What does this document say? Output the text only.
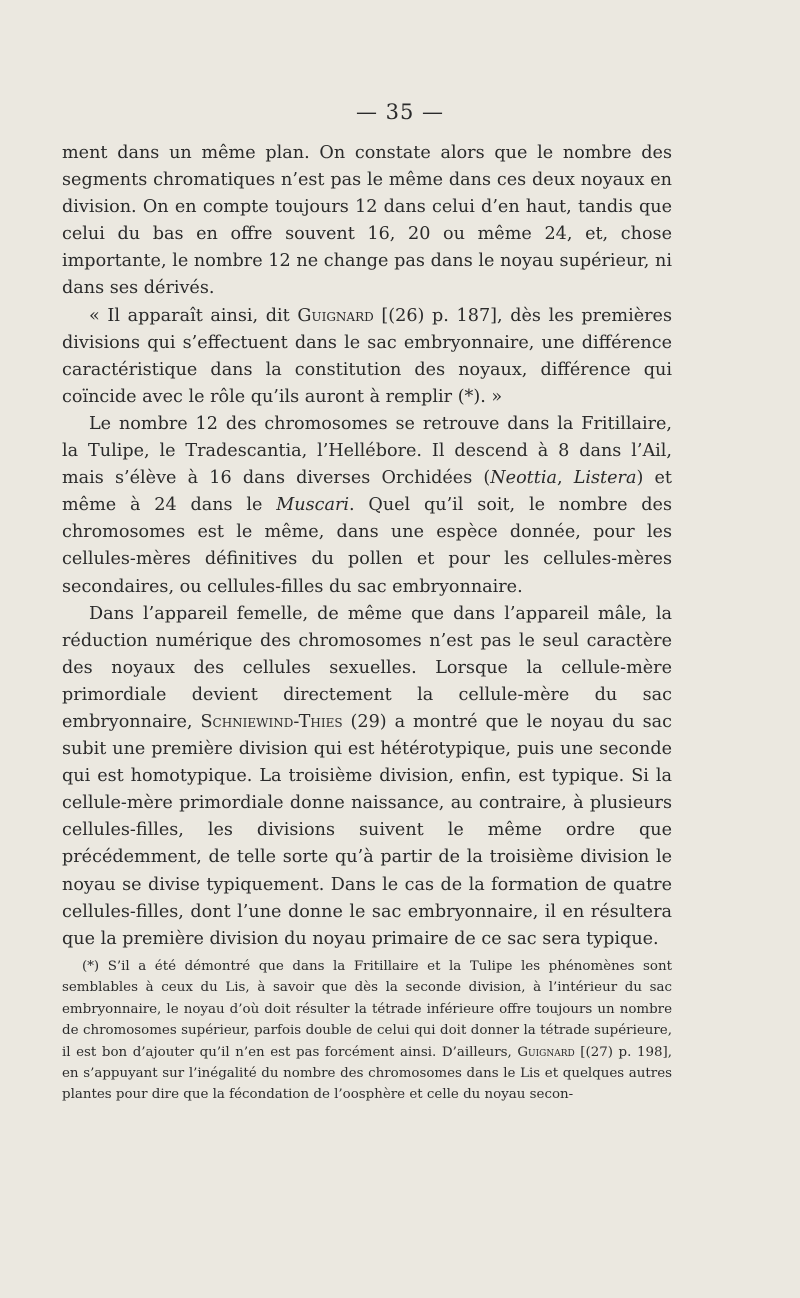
— 35 —

ment dans un même plan. On constate alors que le nombre des segments chromatiques n’est pas le même dans ces deux noyaux en division. On en compte toujours 12 dans celui d’en haut, tandis que celui du bas en offre souvent 16, 20 ou même 24, et, chose importante, le nombre 12 ne change pas dans le noyau supérieur, ni dans ses dérivés.

« Il apparaît ainsi, dit Guignard [(26) p. 187], dès les premières divisions qui s’effectuent dans le sac embryonnaire, une différence caractéristique dans la constitution des noyaux, différence qui coïncide avec le rôle qu’ils auront à remplir (*). »

Le nombre 12 des chromosomes se retrouve dans la Fritillaire, la Tulipe, le Tradescantia, l’Hellébore. Il descend à 8 dans l’Ail, mais s’élève à 16 dans diverses Orchidées (Neottia, Listera) et même à 24 dans le Muscari. Quel qu’il soit, le nombre des chromosomes est le même, dans une espèce donnée, pour les cellules-mères définitives du pollen et pour les cellules-mères secondaires, ou cellules-filles du sac embryonnaire.

Dans l’appareil femelle, de même que dans l’appareil mâle, la réduction numérique des chromosomes n’est pas le seul caractère des noyaux des cellules sexuelles. Lorsque la cellule-mère primordiale devient directement la cellule-mère du sac embryonnaire, Schniewind-Thies (29) a montré que le noyau du sac subit une première division qui est hétérotypique, puis une seconde qui est homotypique. La troisième division, enfin, est typique. Si la cellule-mère primordiale donne naissance, au contraire, à plusieurs cellules-filles, les divisions suivent le même ordre que précédemment, de telle sorte qu’à partir de la troisième division le noyau se divise typiquement. Dans le cas de la formation de quatre cellules-filles, dont l’une donne le sac embryonnaire, il en résultera que la première division du noyau primaire de ce sac sera typique.

(*) S’il a été démontré que dans la Fritillaire et la Tulipe les phénomènes sont semblables à ceux du Lis, à savoir que dès la seconde division, à l’intérieur du sac embryonnaire, le noyau d’où doit résulter la tétrade inférieure offre toujours un nombre de chromosomes supérieur, parfois double de celui qui doit donner la tétrade supérieure, il est bon d’ajouter qu’il n’en est pas forcément ainsi. D’ailleurs, Guignard [(27) p. 198], en s’appuyant sur l’inégalité du nombre des chromosomes dans le Lis et quelques autres plantes pour dire que la fécondation de l’oosphère et celle du noyau secon-
